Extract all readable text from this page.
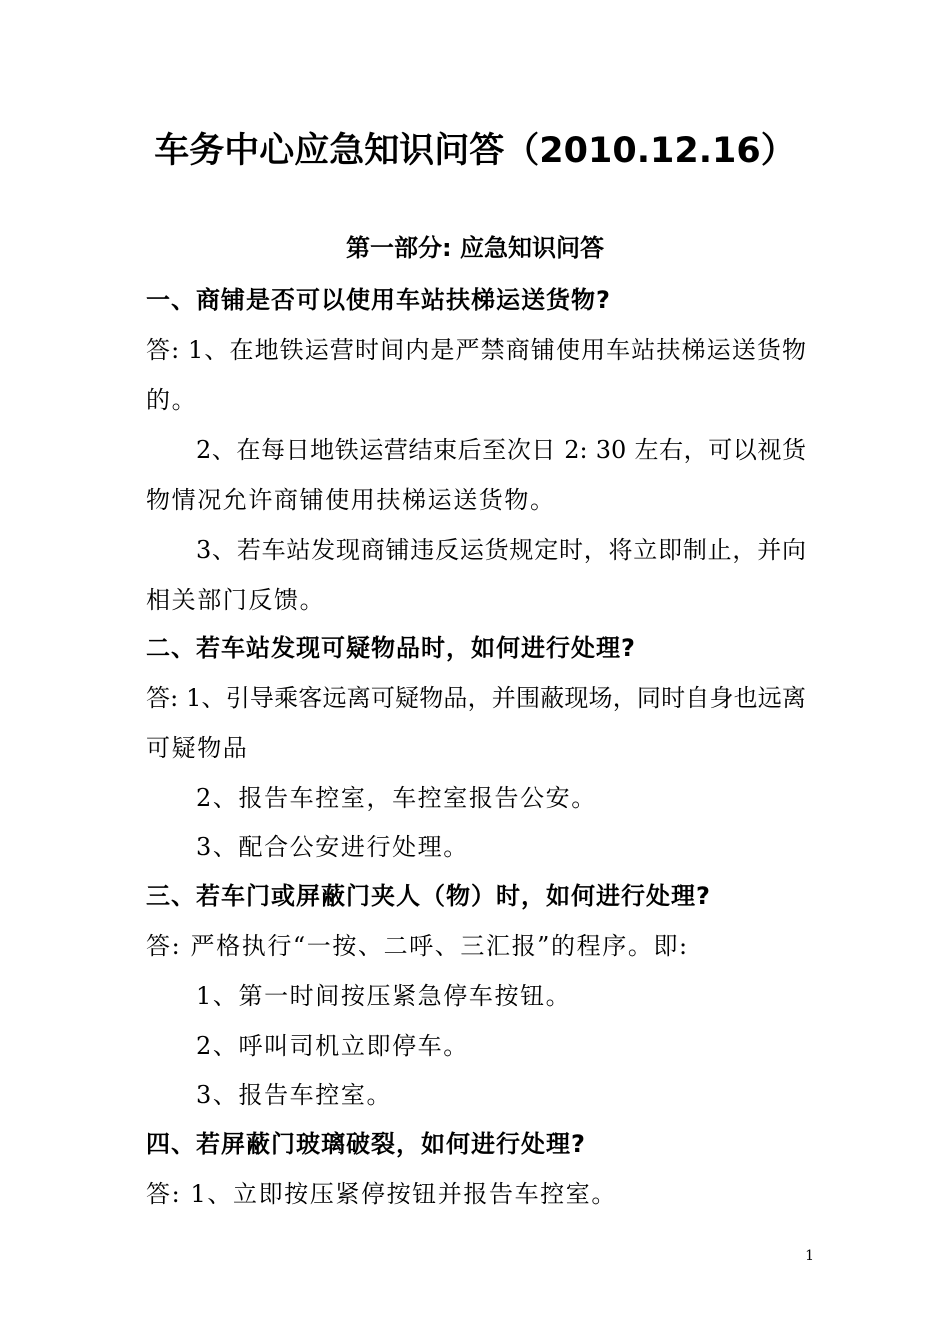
车务中心应急知识问答（2010.12.16）
第一部分: 应急知识问答
一、商铺是否可以使用车站扶梯运送货物?
答: 1、在地铁运营时间内是严禁商铺使用车站扶梯运送货物
的。
2、在每日地铁运营结束后至次日 2: 30 左右，可以视货
物情况允许商铺使用扶梯运送货物。
3、若车站发现商铺违反运货规定时，将立即制止，并向
相关部门反馈。
二、若车站发现可疑物品时，如何进行处理?
答: 1、引导乘客远离可疑物品，并围蔽现场，同时自身也远离
可疑物品
2、报告车控室，车控室报告公安。
3、配合公安进行处理。
三、若车门或屏蔽门夹人（物）时，如何进行处理?
答: 严格执行“一按、二呼、三汇报”的程序。即:
1、第一时间按压紧急停车按钮。
2、呼叫司机立即停车。
3、报告车控室。
四、若屏蔽门玻璃破裂，如何进行处理?
答: 1、立即按压紧停按钮并报告车控室。
1
